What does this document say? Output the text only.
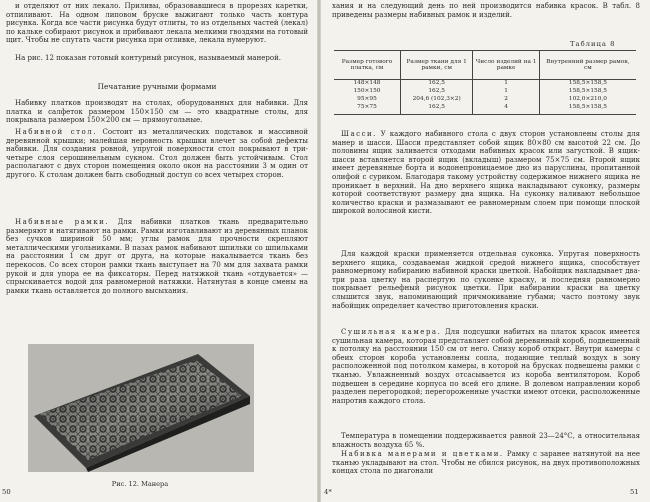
и отделяют от них лекало. Приливы, образовавшиеся в прорезях каретки, отпиливают. На одном липовом бруске выжигают только часть контура рисунка. Когда все части рисунка будут отлиты, то из отдельных частей (лекал) по кальке собирают рисунок и прибивают лекала мелкими гвоздями на готовый щит. Чтобы не спутать части рисунка при отливке, лекала нумеруют.

На рис. 12 показан готовый контурный рисунок, называемый манерой.

Печатание ручными формами

Набивку платков производят на столах, оборудованных для набивки. Для платка и салфеток размером 150×150 см — это квадратные столы, для покрывала размером 150×200 см — прямоугольные.

Набивной стол. Состоит из металлических подставок и массивной деревянной крышки; малейшая неровность крышки влечет за собой дефекты набивки. Для создания ровной, упругой поверхности стол покрывают в три-четыре слоя серошинельным сукном. Стол должен быть устойчивым. Стол располагают с двух сторон помещения около окон на расстоянии 3 м один от другого. К столам должен быть свободный доступ со всех четырех сторон.

Набивные рамки. Для набивки платков ткань предварительно размеряют и натягивают на рамки. Рамки изготавливают из деревянных планок без сучков шириной 50 мм; углы рамок для прочности скрепляют металлическими угольниками. В пазах рамок набивают шпильки со шпильками на расстоянии 1 см друг от друга, на которые накалывается ткань без перекосов. Со всех сторон рамки ткань выступает на 70 мм для захвата рамки рукой и для упора ее на фиксаторы. Перед натяжкой ткань «отдувается» — спрыскивается водой для равномерной натяжки. Натянутая в конце смены на рамки ткань оставляется до полного высыхания.

Рис. 12. Манера
50

хания и на следующий день по ней производится набивка красок. В табл. 8 приведены размеры набивных рамок и изделий.

Таблица 8
Размер готового платка, см	Размер ткани для 1 рамки, см	Число изделий на 1 рамке	Внутренний размер рамок, см
148×148	162,5	1	158,5×158,5
150×150	162,5	1	158,5×158,5
95×95	204,6 (102,3×2)	2	102,0×210,0
75×75	162,5	4	158,5×158,5

Шасси. У каждого набивного стола с двух сторон установлены столы для манер и шасси. Шасси представляет собой ящик 80×80 см высотой 22 см. До половины ящик заливается отходами набивных красок или загусткой. В ящик-шасси вставляется второй ящик (вкладыш) размером 75×75 см. Второй ящик имеет деревянные борта и водонепроницаемое дно из паруслины, пропитанной олифой с суриком. Благодаря такому устройству содержимое нижнего ящика не проникает в верхний. На дно верхнего ящика накладывают суконку, размеры которой соответствуют размеру дна ящика. На суконку наливают небольшое количество краски и размазывают ее равномерным слоем при помощи плоской широкой волосяной кисти.

Для каждой краски применяется отдельная суконка. Упругая поверхность верхнего ящика, создаваемая жидкой средой нижнего ящика, способствует равномерному набиранию набивной краски цветкой. Набойщик накладывает два-три раза цветку на распертую по суконке краску, и последняя равномерно покрывает рельефный рисунок цветки. При набирании краски на цветку слышится звук, напоминающий причмокивание губами; часто поэтому звук набойщик определяет качество приготовления краски.

Сушильная камера. Для подсушки набитых на платок красок имеется сушильная камера, которая представляет собой деревянный короб, подвешенный к потолку на расстоянии 150 см от него. Снизу короб открыт. Внутри камеры с обеих сторон короба установлены сопла, подающие теплый воздух в зону расположенной под потолком камеры, в которой на брусках подвешены рамки с тканью. Увлажненный воздух отсасывается из короба вентилятором. Короб подвешен в середине корпуса по всей его длине. В долевом направлении короб разделен перегородкой; перегороженные участки имеют отсеки, расположенные напротив каждого стола.

Температура в помещении поддерживается равной 23—24°С, а относительная влажность воздуха 65 %.

Набивка манерами и цветками. Рамку с заранее натянутой на нее тканью укладывают на стол. Чтобы не сбился рисунок, на двух противоположных концах стола по диагонали

4*	51
